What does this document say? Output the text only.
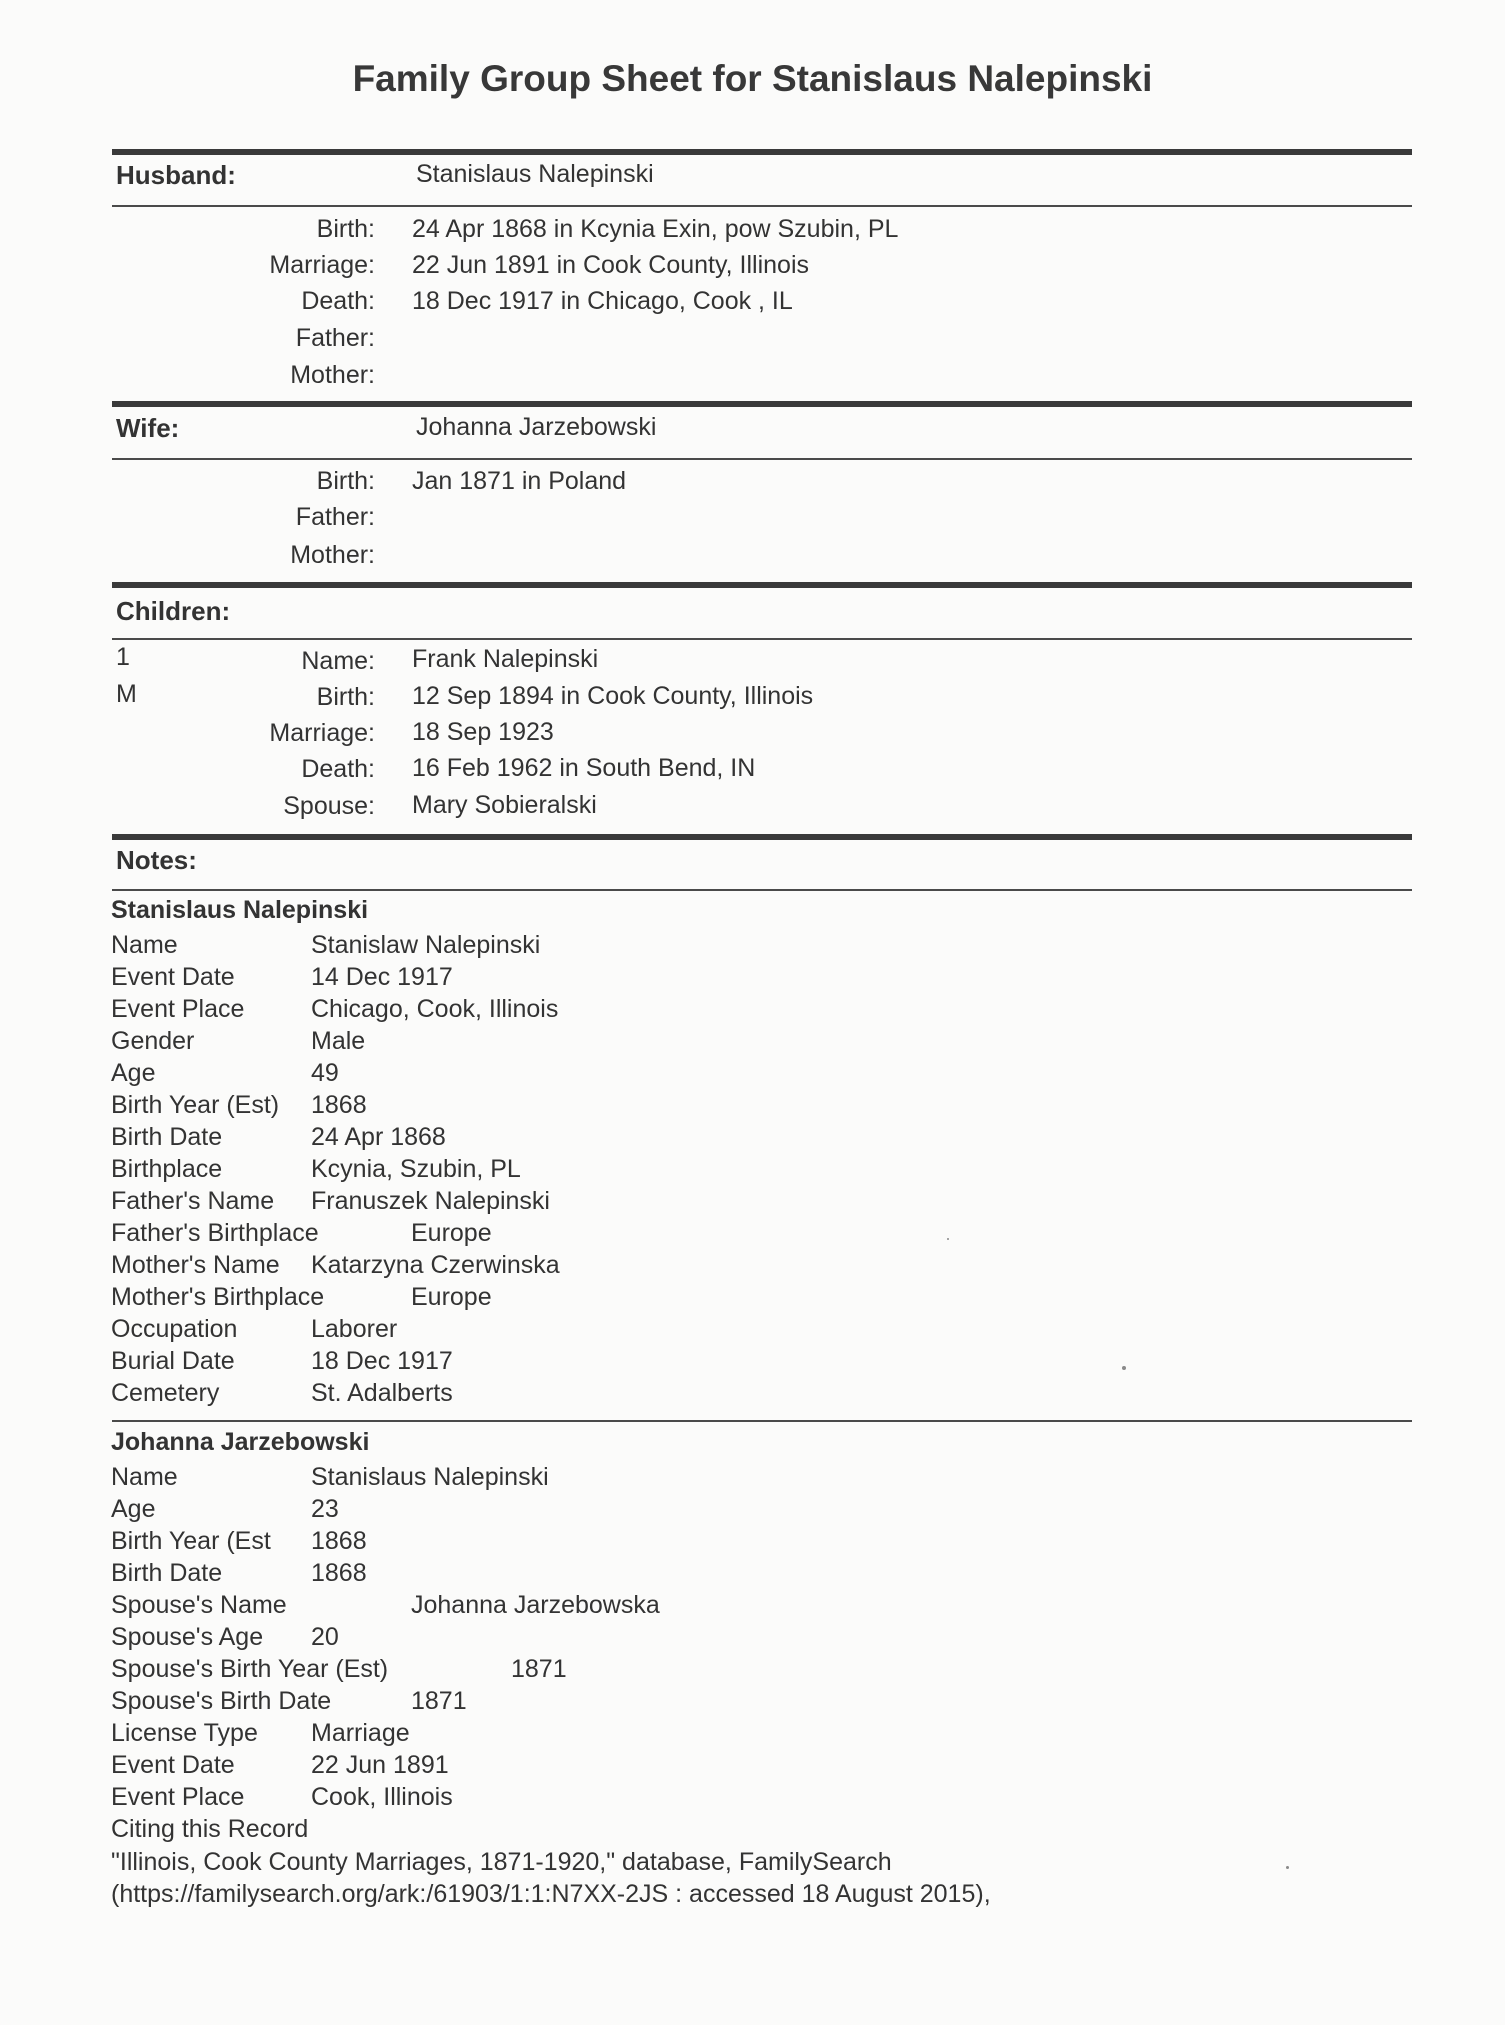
Family Group Sheet for Stanislaus Nalepinski
Husband:	Stanislaus Nalepinski
Birth: 24 Apr 1868 in Kcynia Exin, pow Szubin, PL
Marriage: 22 Jun 1891 in Cook County, Illinois
Death: 18 Dec 1917 in Chicago, Cook , IL
Father:
Mother:
Wife:	Johanna Jarzebowski
Birth: Jan 1871 in Poland
Father:
Mother:
Children:
1
M
Name: Frank Nalepinski
Birth: 12 Sep 1894 in Cook County, Illinois
Marriage: 18 Sep 1923
Death: 16 Feb 1962 in South Bend, IN
Spouse: Mary Sobieralski
Notes:
Stanislaus Nalepinski
Name	Stanislaw Nalepinski
Event Date	14 Dec 1917
Event Place	Chicago, Cook, Illinois
Gender	Male
Age	49
Birth Year (Est) 1868
Birth Date	24 Apr 1868
Birthplace	Kcynia, Szubin, PL
Father's Name Franuszek Nalepinski
Father's Birthplace	Europe
Mother's Name Katarzyna Czerwinska
Mother's Birthplace	Europe
Occupation	Laborer
Burial Date	18 Dec 1917
Cemetery	St. Adalberts
Johanna Jarzebowski
Name	Stanislaus Nalepinski
Age	23
Birth Year (Est 1868
Birth Date	1868
Spouse's Name	Johanna Jarzebowska
Spouse's Age 20
Spouse's Birth Year (Est)	1871
Spouse's Birth Date	1871
License Type Marriage
Event Date	22 Jun 1891
Event Place	Cook, Illinois
Citing this Record
"Illinois, Cook County Marriages, 1871-1920," database, FamilySearch
(https://familysearch.org/ark:/61903/1:1:N7XX-2JS : accessed 18 August 2015),
